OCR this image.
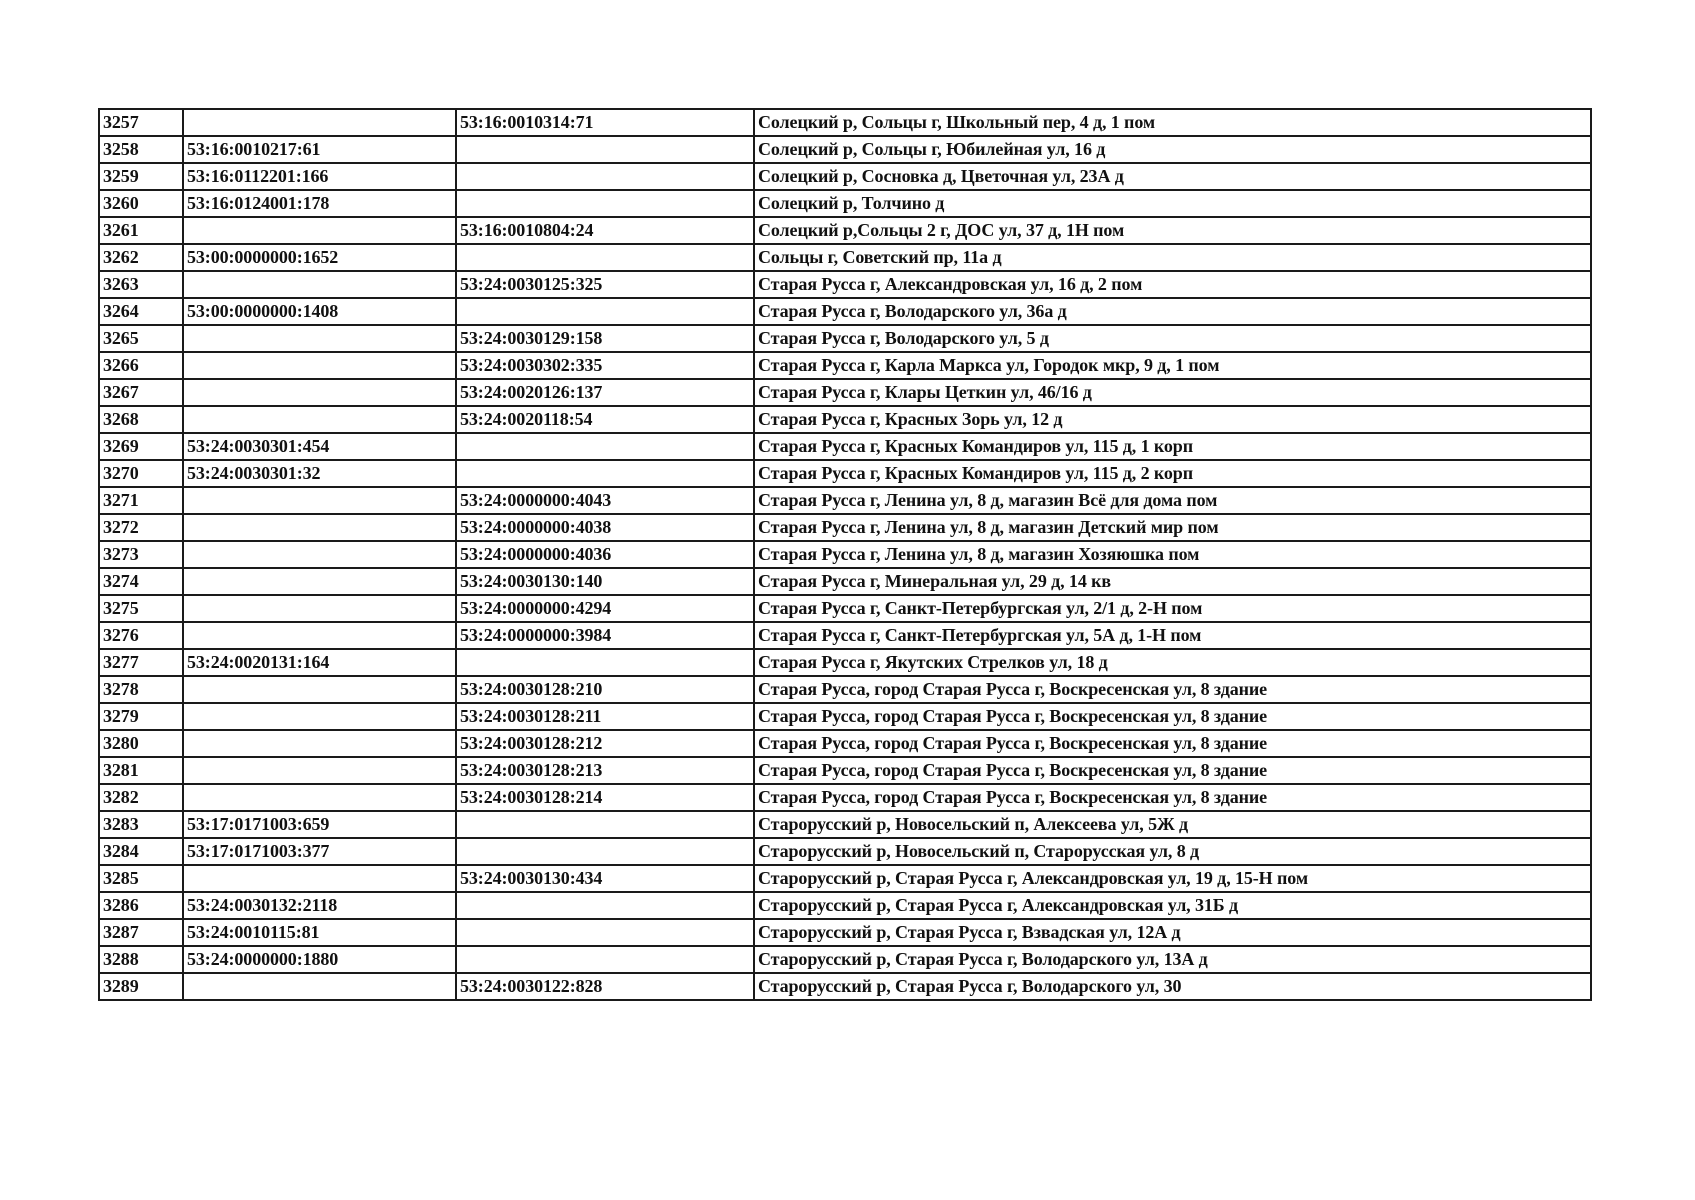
3257		53:16:0010314:71	Солецкий р, Сольцы г, Школьный пер, 4 д, 1 пом
3258	53:16:0010217:61		Солецкий р, Сольцы г, Юбилейная ул, 16 д
3259	53:16:0112201:166		Солецкий р, Сосновка д, Цветочная ул, 23А д
3260	53:16:0124001:178		Солецкий р, Толчино д
3261		53:16:0010804:24	Солецкий р,Сольцы 2 г, ДОС ул, 37 д, 1Н пом
3262	53:00:0000000:1652		Сольцы г, Советский пр, 11а д
3263		53:24:0030125:325	Старая Русса г, Александровская ул, 16 д, 2 пом
3264	53:00:0000000:1408		Старая Русса г, Володарского ул, 36а д
3265		53:24:0030129:158	Старая Русса г, Володарского ул, 5 д
3266		53:24:0030302:335	Старая Русса г, Карла Маркса ул, Городок мкр, 9 д, 1 пом
3267		53:24:0020126:137	Старая Русса г, Клары Цеткин ул, 46/16 д
3268		53:24:0020118:54	Старая Русса г, Красных Зорь ул, 12 д
3269	53:24:0030301:454		Старая Русса г, Красных Командиров ул, 115 д, 1 корп
3270	53:24:0030301:32		Старая Русса г, Красных Командиров ул, 115 д, 2 корп
3271		53:24:0000000:4043	Старая Русса г, Ленина ул, 8 д, магазин Всё для дома пом
3272		53:24:0000000:4038	Старая Русса г, Ленина ул, 8 д, магазин Детский мир пом
3273		53:24:0000000:4036	Старая Русса г, Ленина ул, 8 д, магазин Хозяюшка пом
3274		53:24:0030130:140	Старая Русса г, Минеральная ул, 29 д, 14 кв
3275		53:24:0000000:4294	Старая Русса г, Санкт-Петербургская ул, 2/1 д, 2-Н пом
3276		53:24:0000000:3984	Старая Русса г, Санкт-Петербургская ул, 5А д, 1-Н пом
3277	53:24:0020131:164		Старая Русса г, Якутских Стрелков ул, 18 д
3278		53:24:0030128:210	Старая Русса, город Старая Русса г, Воскресенская ул, 8 здание
3279		53:24:0030128:211	Старая Русса, город Старая Русса г, Воскресенская ул, 8 здание
3280		53:24:0030128:212	Старая Русса, город Старая Русса г, Воскресенская ул, 8 здание
3281		53:24:0030128:213	Старая Русса, город Старая Русса г, Воскресенская ул, 8 здание
3282		53:24:0030128:214	Старая Русса, город Старая Русса г, Воскресенская ул, 8 здание
3283	53:17:0171003:659		Старорусский р, Новосельский п, Алексеева ул, 5Ж д
3284	53:17:0171003:377		Старорусский р, Новосельский п, Старорусская ул, 8 д
3285		53:24:0030130:434	Старорусский р, Старая Русса г, Александровская ул, 19 д, 15-Н пом
3286	53:24:0030132:2118		Старорусский р, Старая Русса г, Александровская ул, 31Б д
3287	53:24:0010115:81		Старорусский р, Старая Русса г, Взвадская ул, 12А д
3288	53:24:0000000:1880		Старорусский р, Старая Русса г, Володарского ул, 13А д
3289		53:24:0030122:828	Старорусский р, Старая Русса г, Володарского ул, 30
